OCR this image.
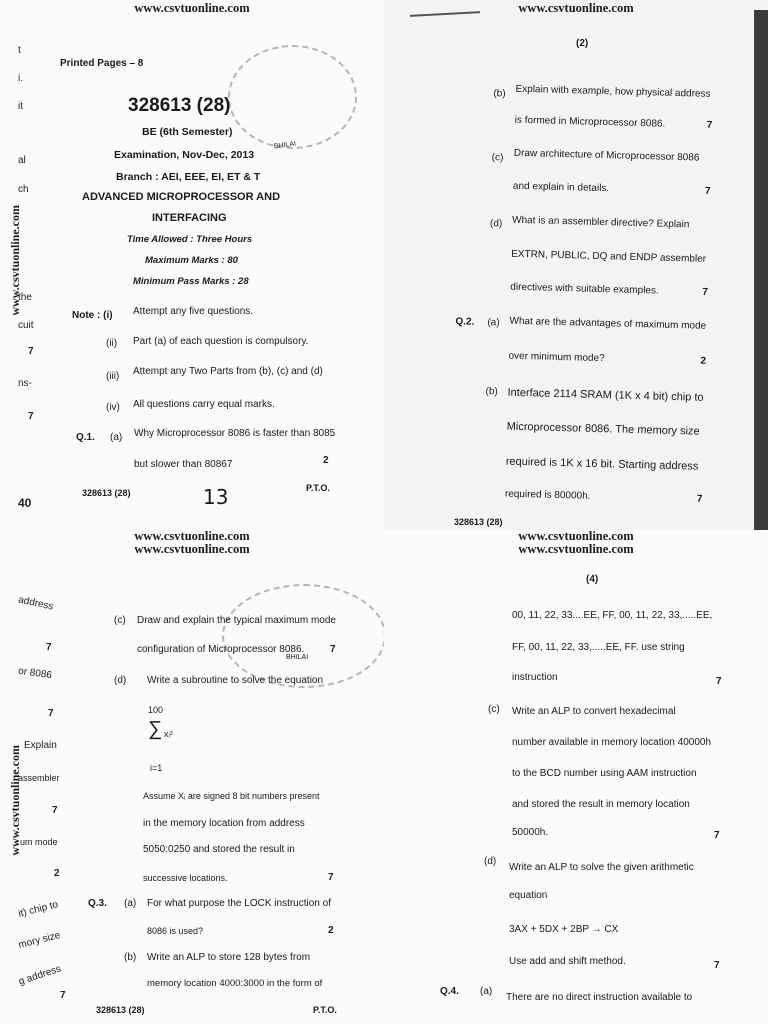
www.csvtuonline.com
www.csvtuonline.com
t
i.
it
al
ch
the
cuit
7
ns-
7
40
BHILAI
Printed Pages – 8
328613 (28)
BE (6th Semester)
Examination, Nov-Dec, 2013
Branch : AEI, EEE, EI, ET & T
ADVANCED MICROPROCESSOR AND
INTERFACING
Time Allowed : Three Hours
Maximum Marks : 80
Minimum Pass Marks : 28
Note : (i) Attempt any five questions.
(ii) Part (a) of each question is compulsory.
(iii) Attempt any Two Parts from (b), (c) and (d)
(iv) All questions carry equal marks.
Q.1. (a) Why Microprocessor 8086 is faster than 8085
but slower than 80867	2
328613 (28)	13	P.T.O.
www.csvtuonline.com
(2)
(b) Explain with example, how physical address
is formed in Microprocessor 8086.	7
(c) Draw architecture of Microprocessor 8086
and explain in details.	7
(d) What is an assembler directive? Explain
EXTRN, PUBLIC, DQ and ENDP assembler
directives with suitable examples.	7
Q.2. (a) What are the advantages of maximum mode
over minimum mode?	2
(b) Interface 2114 SRAM (1K x 4 bit) chip to
Microprocessor 8086. The memory size
required is 1K x 16 bit. Starting address
required is 80000h.	7
328613 (28)
www.csvtuonline.com
www.csvtuonline.com
www.csvtuonline.com
address
7
or 8086
7
Explain
assembler
7
um mode
2
it) chip to
mory size
g address
7
BHILAI
(c) Draw and explain the typical maximum mode
configuration of Microprocessor 8086.	7
(d) Write a subroutine to solve the equation
100
∑ xᵢ²
i=1
Assume Xᵢ are signed 8 bit numbers present
in the memory location from address
5050:0250 and stored the result in
successive locations.	7
Q.3. (a) For what purpose the LOCK instruction of
8086 is used?	2
(b) Write an ALP to store 128 bytes from
memory location 4000:3000 in the form of
328613 (28)	P.T.O.
www.csvtuonline.com
www.csvtuonline.com
(4)
00, 11, 22, 33....EE, FF, 00, 11, 22, 33,.....EE,
FF, 00, 11, 22, 33,.....EE, FF. use string
instruction	7
(c) Write an ALP to convert hexadecimal
number available in memory location 40000h
to the BCD number using AAM instruction
and stored the result in memory location
50000h.	7
(d)
Write an ALP to solve the given arithmetic
equation
3AX + 5DX + 2BP → CX
Use add and shift method.	7
Q.4. (a)
There are no direct instruction available to
